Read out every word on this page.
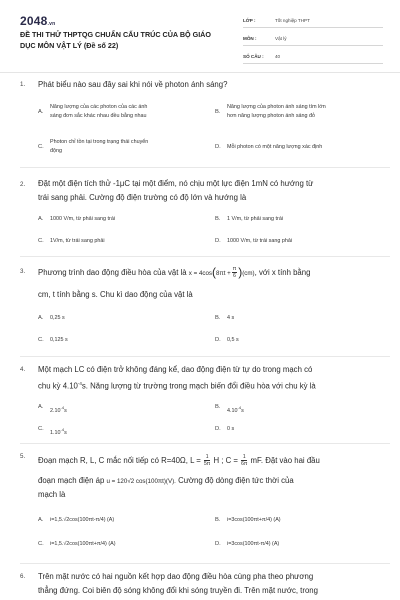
2048.vn
ĐỀ THI THỬ THPTQG CHUẨN CẤU TRÚC CỦA BỘ GIÁO DỤC MÔN VẬT LÝ (Đề số 22)
LỚP :	Tốt nghiệp THPT
MÔN :	Vật lý
SỐ CÂU :	40
1. Phát biểu nào sau đây sai khi nói về photon ánh sáng?
A.
Năng lượng của các photon của các ánh
sáng đơn sắc khác nhau đều bằng nhau
B.
Năng lượng của photon ánh sáng tím lớn
hơn năng lượng photon ánh sáng đỏ
C.
Photon chỉ tồn tại trong trạng thái chuyển
động
D. Mỗi photon có một năng lượng xác định
2. Đặt một điện tích thử -1μC tại một điểm, nó chịu một lực điện 1mN có hướng từ
trái sang phải. Cường độ điện trường có độ lớn và hướng là
A. 1000 V/m, từ phải sang trái	B. 1 V/m, từ phải sang trái
C. 1V/m, từ trái sang phải	D. 1000 V/m, từ trái sang phải
3. Phương trình dao động điều hòa của vật là $x = 4\cos(8\pi t + \frac{\pi}{6} )(cm)$, với x tính bằng
cm, t tính bằng s. Chu kì dao động của vật là
A. 0,25 s	B. 4 s
C. 0,125 s	D. 0,5 s
4. Một mạch LC có điện trở không đáng kể, dao động điện từ tự do trong mạch có
chu kỳ $4.10^{-4}s$. Năng lượng từ trường trong mạch biến đổi điều hòa với chu kỳ là
A.
$2.10^{-4}s$
B.
$4.10^{-4}s$
C.
$1.10^{-4}s$
D. 0 s
5. Đoạn mạch R, L, C mắc nối tiếp có R=40Ω, $L = \frac{1}{5\pi}$ H ; $C = \frac{1}{6\pi}$ mF. Đặt vào hai đầu
đoạn mạch điện áp u = 120√2 cos(100πt)(V). Cường độ dòng điện tức thời của
mạch là
A. i=1,5.√2cos(100πt-π/4) (A)	B. i=3cos(100πt+π/4) (A)
C. i=1,5.√2cos(100πt+π/4) (A)	D. i=3cos(100πt-π/4) (A)
6. Trên mặt nước có hai nguồn kết hợp dao động điều hòa cùng pha theo phương
thẳng đứng. Coi biên độ sóng không đổi khi sóng truyền đi. Trên mặt nước, trong
